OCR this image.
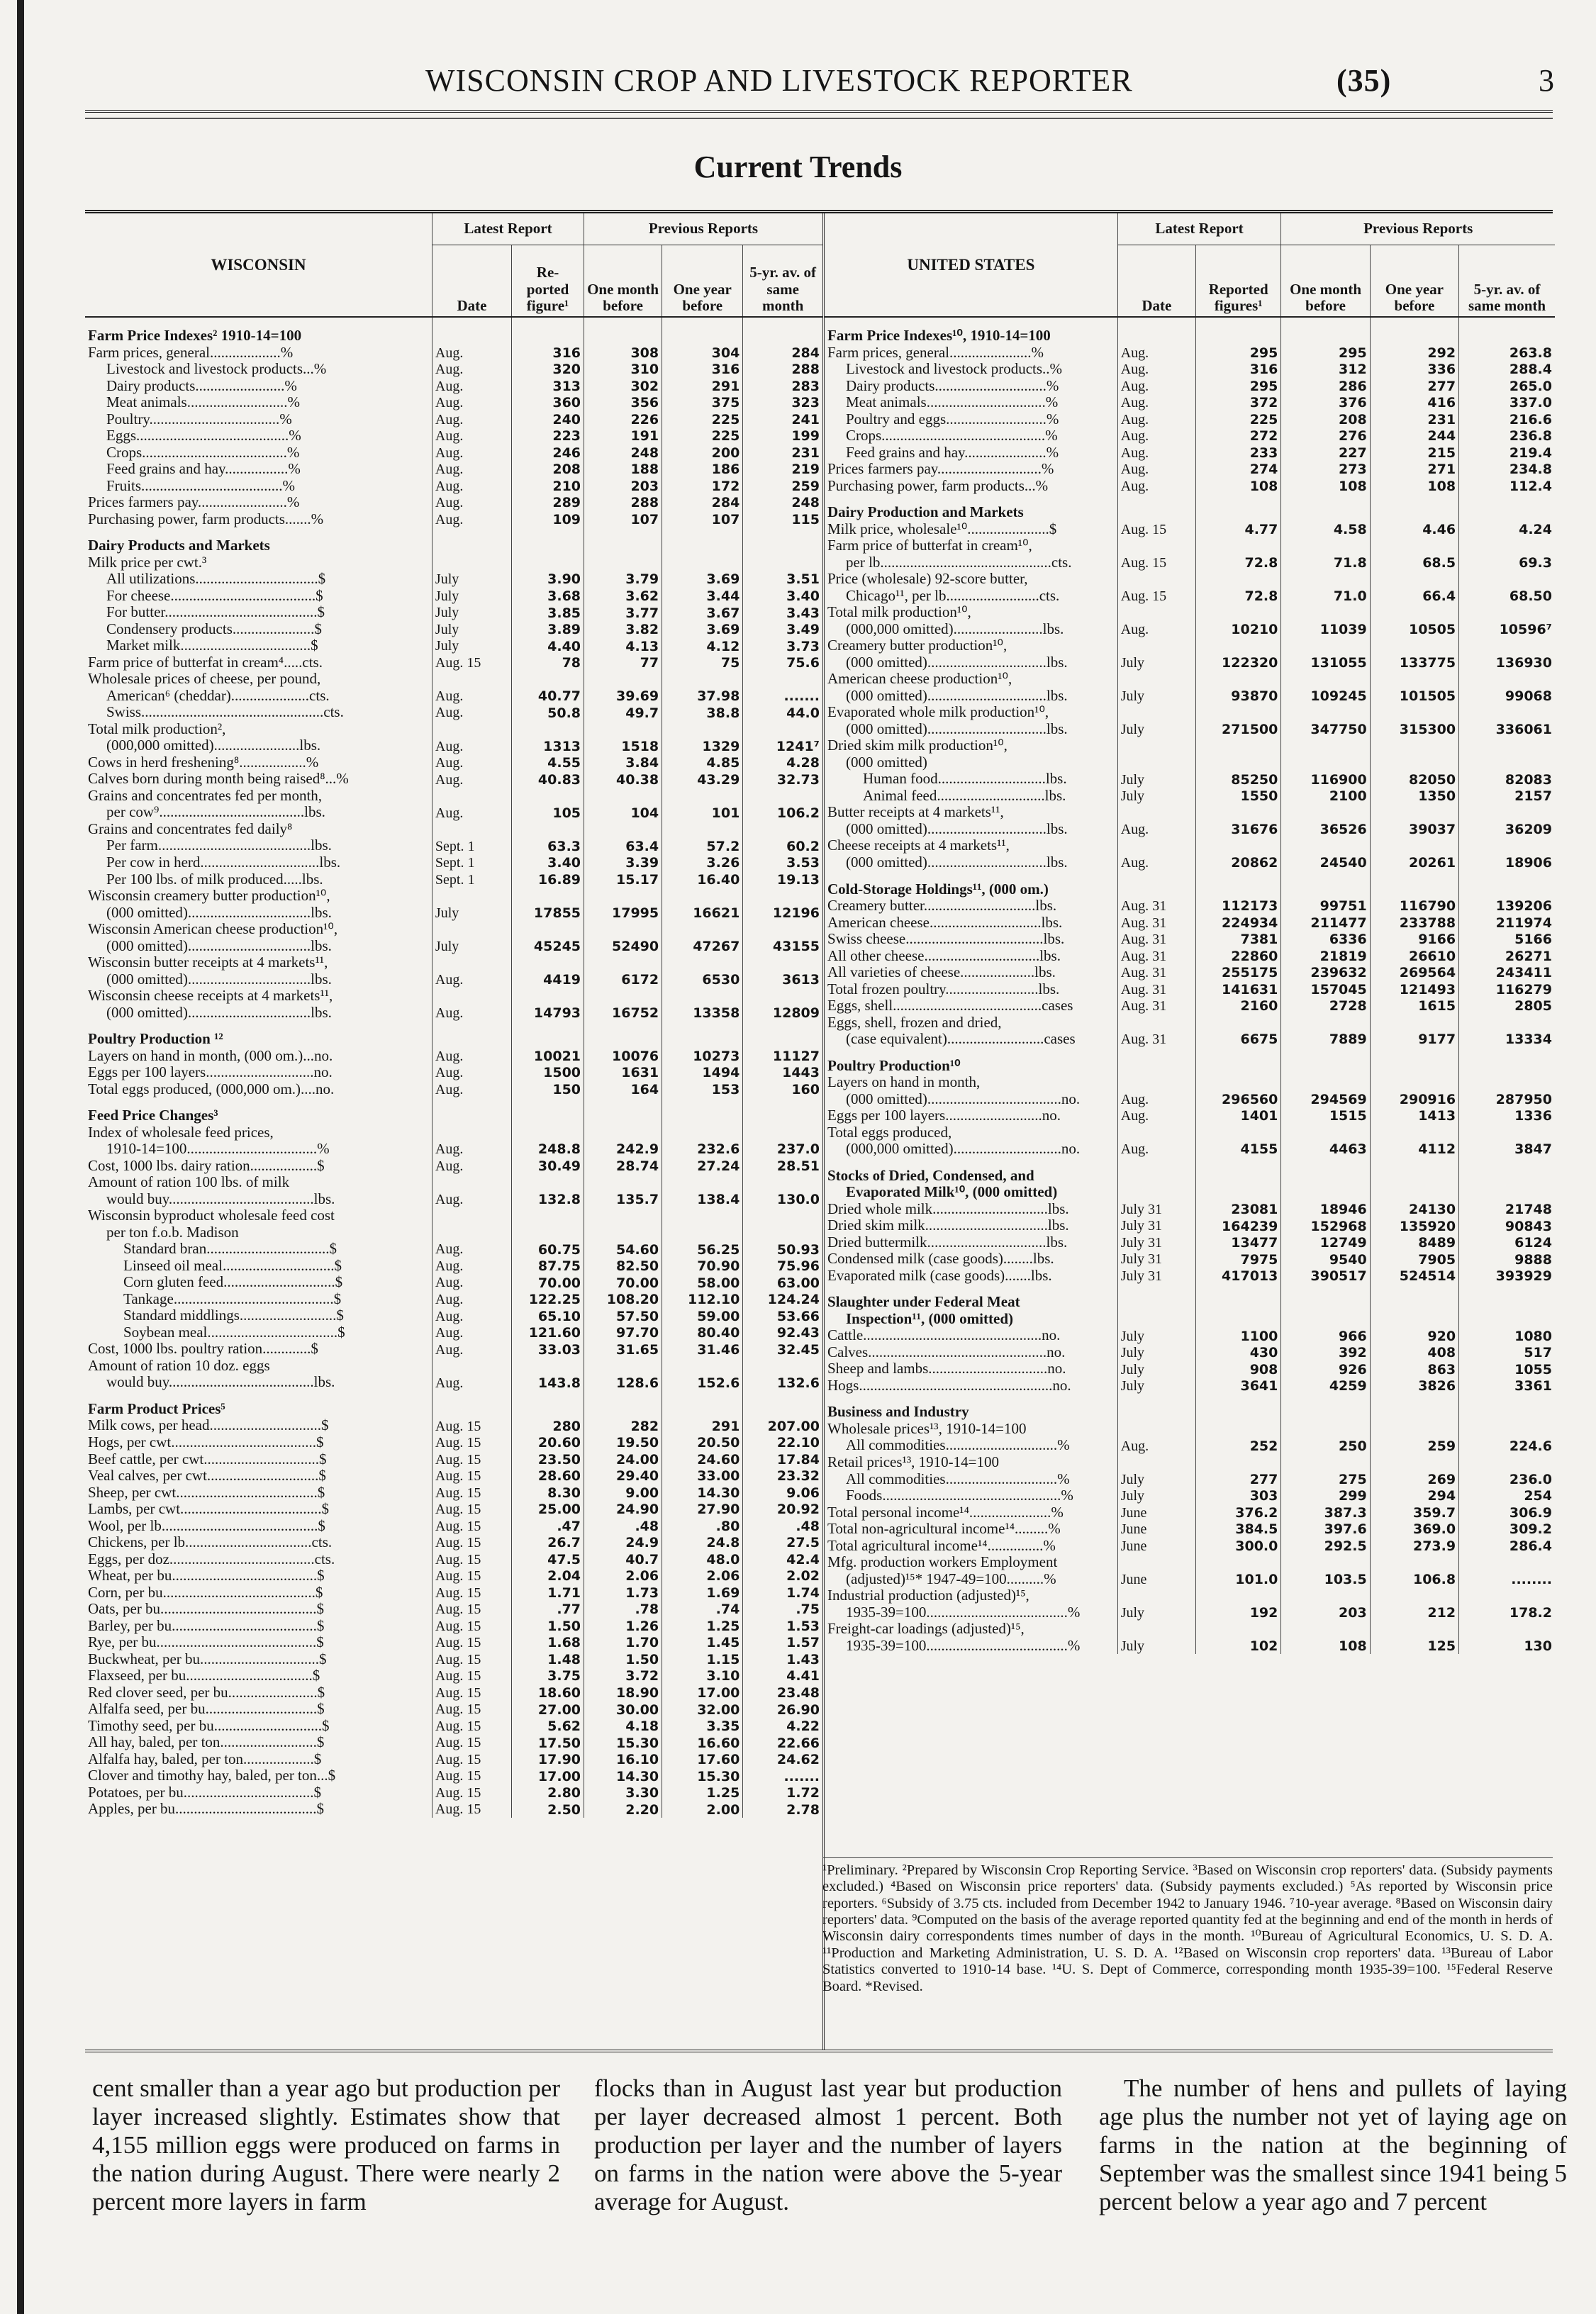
WISCONSIN CROP AND LIVESTOCK REPORTER	(35)	3
Current Trends
WISCONSIN	Latest Report		Previous Reports		
	Date	Re- ported figure¹	One month before	One year before	5-yr. av. of same month
Farm Price Indexes² 1910-14=100					
Farm prices, general...................%	Aug.	316	308	304	284
Livestock and livestock products...%	Aug.	320	310	316	288
Dairy products........................%	Aug.	313	302	291	283
Meat animals...........................%	Aug.	360	356	375	323
Poultry...................................%	Aug.	240	226	225	241
Eggs.........................................%	Aug.	223	191	225	199
Crops.......................................%	Aug.	246	248	200	231
Feed grains and hay.................%	Aug.	208	188	186	219
Fruits......................................%	Aug.	210	203	172	259
Prices farmers pay........................%	Aug.	289	288	284	248
Purchasing power, farm products.......%	Aug.	109	107	107	115
Dairy Products and Markets					
Milk price per cwt.³					
All utilizations.................................$	July	3.90	3.79	3.69	3.51
For cheese.......................................$	July	3.68	3.62	3.44	3.40
For butter.........................................$	July	3.85	3.77	3.67	3.43
Condensery products......................$	July	3.89	3.82	3.69	3.49
Market milk...................................$	July	4.40	4.13	4.12	3.73
Farm price of butterfat in cream⁴.....cts.	Aug. 15	78	77	75	75.6
Wholesale prices of cheese, per pound,					
American⁶ (cheddar).....................cts.	Aug.	40.77	39.69	37.98	.......
Swiss.................................................cts.	Aug.	50.8	49.7	38.8	44.0
Total milk production²,					
(000,000 omitted).......................lbs.	Aug.	1313	1518	1329	1241⁷
Cows in herd freshening⁸..................%	Aug.	4.55	3.84	4.85	4.28
Calves born during month being raised⁸...%	Aug.	40.83	40.38	43.29	32.73
Grains and concentrates fed per month,					
per cow⁹.......................................lbs.	Aug.	105	104	101	106.2
Grains and concentrates fed daily⁸					
Per farm.........................................lbs.	Sept. 1	63.3	63.4	57.2	60.2
Per cow in herd................................lbs.	Sept. 1	3.40	3.39	3.26	3.53
Per 100 lbs. of milk produced.....lbs.	Sept. 1	16.89	15.17	16.40	19.13
Wisconsin creamery butter production¹⁰,					
(000 omitted).................................lbs.	July	17855	17995	16621	12196
Wisconsin American cheese production¹⁰,					
(000 omitted).................................lbs.	July	45245	52490	47267	43155
Wisconsin butter receipts at 4 markets¹¹,					
(000 omitted).................................lbs.	Aug.	4419	6172	6530	3613
Wisconsin cheese receipts at 4 markets¹¹,					
(000 omitted).................................lbs.	Aug.	14793	16752	13358	12809
Poultry Production ¹²					
Layers on hand in month, (000 om.)...no.	Aug.	10021	10076	10273	11127
Eggs per 100 layers.............................no.	Aug.	1500	1631	1494	1443
Total eggs produced, (000,000 om.)....no.	Aug.	150	164	153	160
Feed Price Changes³					
Index of wholesale feed prices,					
1910-14=100...................................%	Aug.	248.8	242.9	232.6	237.0
Cost, 1000 lbs. dairy ration..................$	Aug.	30.49	28.74	27.24	28.51
Amount of ration 100 lbs. of milk					
would buy.......................................lbs.	Aug.	132.8	135.7	138.4	130.0
Wisconsin byproduct wholesale feed cost					
per ton f.o.b. Madison					
Standard bran.................................$	Aug.	60.75	54.60	56.25	50.93
Linseed oil meal..............................$	Aug.	87.75	82.50	70.90	75.96
Corn gluten feed..............................$	Aug.	70.00	70.00	58.00	63.00
Tankage...........................................$	Aug.	122.25	108.20	112.10	124.24
Standard middlings..........................$	Aug.	65.10	57.50	59.00	53.66
Soybean meal...................................$	Aug.	121.60	97.70	80.40	92.43
Cost, 1000 lbs. poultry ration.............$	Aug.	33.03	31.65	31.46	32.45
Amount of ration 10 doz. eggs					
would buy.......................................lbs.	Aug.	143.8	128.6	152.6	132.6
Farm Product Prices⁵					
Milk cows, per head..............................$	Aug. 15	280	282	291	207.00
Hogs, per cwt.......................................$	Aug. 15	20.60	19.50	20.50	22.10
Beef cattle, per cwt...............................$	Aug. 15	23.50	24.00	24.60	17.84
Veal calves, per cwt..............................$	Aug. 15	28.60	29.40	33.00	23.32
Sheep, per cwt......................................$	Aug. 15	8.30	9.00	14.30	9.06
Lambs, per cwt......................................$	Aug. 15	25.00	24.90	27.90	20.92
Wool, per lb..........................................$	Aug. 15	.47	.48	.80	.48
Chickens, per lb..................................cts.	Aug. 15	26.7	24.9	24.8	27.5
Eggs, per doz.......................................cts.	Aug. 15	47.5	40.7	48.0	42.4
Wheat, per bu.......................................$	Aug. 15	2.04	2.06	2.06	2.02
Corn, per bu.........................................$	Aug. 15	1.71	1.73	1.69	1.74
Oats, per bu..........................................$	Aug. 15	.77	.78	.74	.75
Barley, per bu.......................................$	Aug. 15	1.50	1.26	1.25	1.53
Rye, per bu...........................................$	Aug. 15	1.68	1.70	1.45	1.57
Buckwheat, per bu................................$	Aug. 15	1.48	1.50	1.15	1.43
Flaxseed, per bu..................................$	Aug. 15	3.75	3.72	3.10	4.41
Red clover seed, per bu........................$	Aug. 15	18.60	18.90	17.00	23.48
Alfalfa seed, per bu..............................$	Aug. 15	27.00	30.00	32.00	26.90
Timothy seed, per bu.............................$	Aug. 15	5.62	4.18	3.35	4.22
All hay, baled, per ton..........................$	Aug. 15	17.50	15.30	16.60	22.66
Alfalfa hay, baled, per ton...................$	Aug. 15	17.90	16.10	17.60	24.62
Clover and timothy hay, baled, per ton...$	Aug. 15	17.00	14.30	15.30	.......
Potatoes, per bu...................................$	Aug. 15	2.80	3.30	1.25	1.72
Apples, per bu......................................$	Aug. 15	2.50	2.20	2.00	2.78
UNITED STATES	Latest Report		Previous Reports		
	Date	Reported figures¹	One month before	One year before	5-yr. av. of same month
Farm Price Indexes¹⁰, 1910-14=100					
Farm prices, general......................%	Aug.	295	295	292	263.8
Livestock and livestock products..%	Aug.	316	312	336	288.4
Dairy products..............................%	Aug.	295	286	277	265.0
Meat animals................................%	Aug.	372	376	416	337.0
Poultry and eggs...........................%	Aug.	225	208	231	216.6
Crops............................................%	Aug.	272	276	244	236.8
Feed grains and hay......................%	Aug.	233	227	215	219.4
Prices farmers pay............................%	Aug.	274	273	271	234.8
Purchasing power, farm products...%	Aug.	108	108	108	112.4
Dairy Production and Markets					
Milk price, wholesale¹⁰......................$	Aug. 15	4.77	4.58	4.46	4.24
Farm price of butterfat in cream¹⁰,					
per lb..............................................cts.	Aug. 15	72.8	71.8	68.5	69.3
Price (wholesale) 92-score butter,					
Chicago¹¹, per lb.........................cts.	Aug. 15	72.8	71.0	66.4	68.50
Total milk production¹⁰,					
(000,000 omitted)........................lbs.	Aug.	10210	11039	10505	10596⁷
Creamery butter production¹⁰,					
(000 omitted)................................lbs.	July	122320	131055	133775	136930
American cheese production¹⁰,					
(000 omitted)................................lbs.	July	93870	109245	101505	99068
Evaporated whole milk production¹⁰,					
(000 omitted)................................lbs.	July	271500	347750	315300	336061
Dried skim milk production¹⁰,					
(000 omitted)					
Human food.............................lbs.	July	85250	116900	82050	82083
Animal feed.............................lbs.	July	1550	2100	1350	2157
Butter receipts at 4 markets¹¹,					
(000 omitted)................................lbs.	Aug.	31676	36526	39037	36209
Cheese receipts at 4 markets¹¹,					
(000 omitted)................................lbs.	Aug.	20862	24540	20261	18906
Cold-Storage Holdings¹¹, (000 om.)					
Creamery butter..............................lbs.	Aug. 31	112173	99751	116790	139206
American cheese..............................lbs.	Aug. 31	224934	211477	233788	211974
Swiss cheese.....................................lbs.	Aug. 31	7381	6336	9166	5166
All other cheese...............................lbs.	Aug. 31	22860	21819	26610	26271
All varieties of cheese....................lbs.	Aug. 31	255175	239632	269564	243411
Total frozen poultry.........................lbs.	Aug. 31	141631	157045	121493	116279
Eggs, shell........................................cases	Aug. 31	2160	2728	1615	2805
Eggs, shell, frozen and dried,					
(case equivalent)..........................cases	Aug. 31	6675	7889	9177	13334
Poultry Production¹⁰					
Layers on hand in month,					
(000 omitted)....................................no.	Aug.	296560	294569	290916	287950
Eggs per 100 layers..........................no.	Aug.	1401	1515	1413	1336
Total eggs produced,					
(000,000 omitted).............................no.	Aug.	4155	4463	4112	3847
Stocks of Dried, Condensed, and					
Evaporated Milk¹⁰, (000 omitted)					
Dried whole milk...............................lbs.	July 31	23081	18946	24130	21748
Dried skim milk.................................lbs.	July 31	164239	152968	135920	90843
Dried buttermilk................................lbs.	July 31	13477	12749	8489	6124
Condensed milk (case goods)........lbs.	July 31	7975	9540	7905	9888
Evaporated milk (case goods).......lbs.	July 31	417013	390517	524514	393929
Slaughter under Federal Meat					
Inspection¹¹, (000 omitted)					
Cattle................................................no.	July	1100	966	920	1080
Calves................................................no.	July	430	392	408	517
Sheep and lambs................................no.	July	908	926	863	1055
Hogs....................................................no.	July	3641	4259	3826	3361
Business and Industry					
Wholesale prices¹³, 1910-14=100					
All commodities..............................%	Aug.	252	250	259	224.6
Retail prices¹³, 1910-14=100					
All commodities..............................%	July	277	275	269	236.0
Foods................................................%	July	303	299	294	254
Total personal income¹⁴......................%	June	376.2	387.3	359.7	306.9
Total non-agricultural income¹⁴.........%	June	384.5	397.6	369.0	309.2
Total agricultural income¹⁴...............%	June	300.0	292.5	273.9	286.4
Mfg. production workers Employment					
(adjusted)¹⁵* 1947-49=100..........%	June	101.0	103.5	106.8	........
Industrial production (adjusted)¹⁵,					
1935-39=100......................................%	July	192	203	212	178.2
Freight-car loadings (adjusted)¹⁵,					
1935-39=100......................................%	July	102	108	125	130
¹Preliminary. ²Prepared by Wisconsin Crop Reporting Service. ³Based on Wisconsin crop reporters' data. (Subsidy payments excluded.) ⁴Based on Wisconsin price reporters' data. (Subsidy payments excluded.) ⁵As reported by Wisconsin price reporters. ⁶Subsidy of 3.75 cts. included from December 1942 to January 1946. ⁷10-year average. ⁸Based on Wisconsin dairy reporters' data. ⁹Computed on the basis of the average reported quantity fed at the beginning and end of the month in herds of Wisconsin dairy correspondents times number of days in the month. ¹⁰Bureau of Agricultural Economics, U. S. D. A. ¹¹Production and Marketing Administration, U. S. D. A. ¹²Based on Wisconsin crop reporters' data. ¹³Bureau of Labor Statistics converted to 1910-14 base. ¹⁴U. S. Dept of Commerce, corresponding month 1935-39=100. ¹⁵Federal Reserve Board. *Revised.
cent smaller than a year ago but production per layer increased slightly. Estimates show that 4,155 million eggs were produced on farms in the nation during August. There were nearly 2 percent more layers in farm
flocks than in August last year but production per layer decreased almost 1 percent. Both production per layer and the number of layers on farms in the nation were above the 5-year average for August.
The number of hens and pullets of laying age plus the number not yet of laying age on farms in the nation at the beginning of September was the smallest since 1941 being 5 percent below a year ago and 7 percent
